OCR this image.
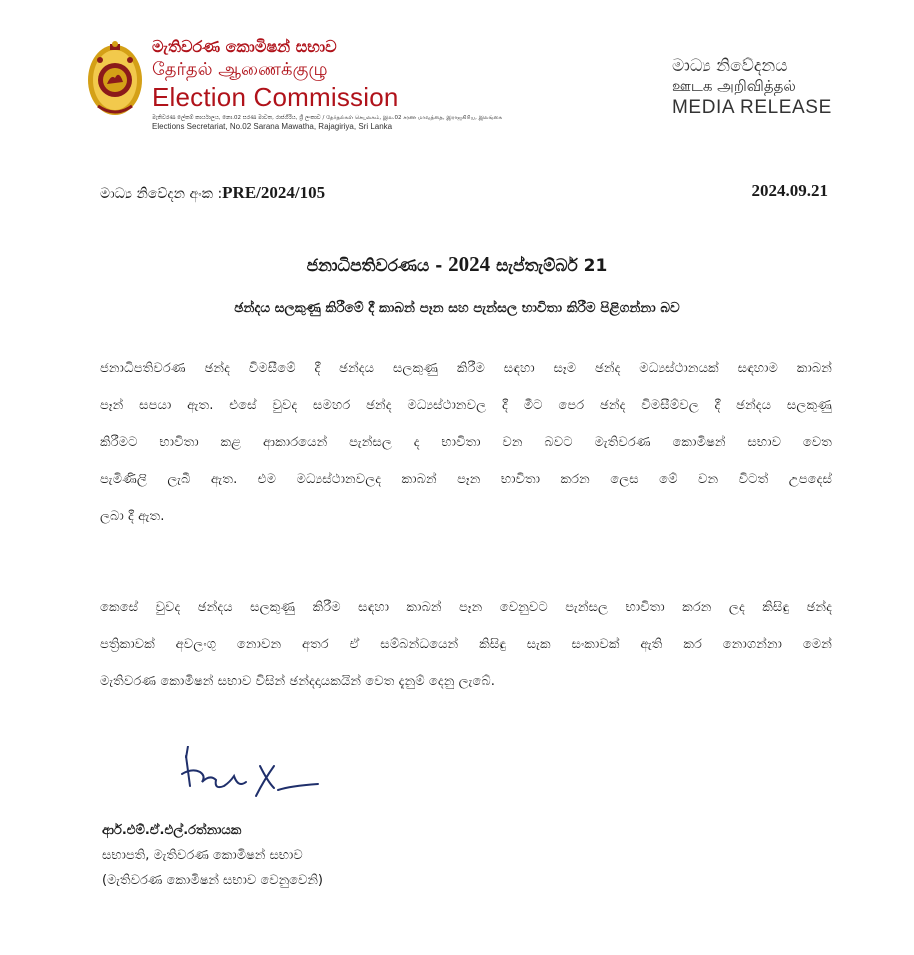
මැතිවරණ කොමිෂන් සභාව
தேர்தல் ஆணைக்குழு
Election Commission
මැතිවරණ ලේකම් කාර්යාලය, නො.02 සරණ මාවත, රාජගිරිය, ශ්‍රී ලංකාව / தேர்தல்கள் செயலகம், இல.02 சரண மாவத்தை, இராஜகிரிய, இலங்கை
Elections Secretariat, No.02 Sarana Mawatha, Rajagiriya, Sri Lanka
මාධ්‍ය නිවේදනය
ஊடக அறிவித்தல்
MEDIA RELEASE
මාධ්‍ය නිවේදන අංක :PRE/2024/105	2024.09.21
ජනාධිපතිවරණය - 2024 සැප්තැම්බර් 21
ඡන්දය සලකුණු කිරීමේ දී කාබන් පෑන සහ පැන්සල භාවිතා කිරීම පිළිගන්නා බව
ජනාධිපතිවරණ ඡන්ද විමසීමේ දී ඡන්දය සලකුණු කිරීම සඳහා සෑම ඡන්ද මධ්‍යස්ථානයක් සඳහාම කාබන්
පෑන් සපයා ඇත. එසේ වුවද සමහර ඡන්ද මධ්‍යස්ථානවල දී මීට පෙර ඡන්ද විමසීම්වල දී ඡන්දය සලකුණු
කිරීමට භාවිතා කළ ආකාරයෙන් පැන්සල ද භාවිතා වන බවට මැතිවරණ කොමිෂන් සභාව වෙත
පැමිණිලි ලැබී ඇත. එම මධ්‍යස්ථානවලද කාබන් පෑන භාවිතා කරන ලෙස මේ වන විටත් උපදෙස්
ලබා දී ඇත.
කෙසේ වුවද ඡන්දය සලකුණු කිරීම සඳහා කාබන් පෑන වෙනුවට පැන්සල භාවිතා කරන ලද කිසිඳු ඡන්ද
පත්‍රිකාවක් අවලංගු නොවන අතර ඒ සම්බන්ධයෙන් කිසිඳු සැක සංකාවක් ඇති කර නොගන්නා මෙන්
මැතිවරණ කොමිෂන් සභාව විසින් ඡන්දදායකයින් වෙත දැනුම් දෙනු ලැබේ.
ආර්.එම්.ඒ.එල්.රත්නායක
සභාපති, මැතිවරණ කොමිෂන් සභාව
(මැතිවරණ කොමිෂන් සභාව වෙනුවෙනි)
